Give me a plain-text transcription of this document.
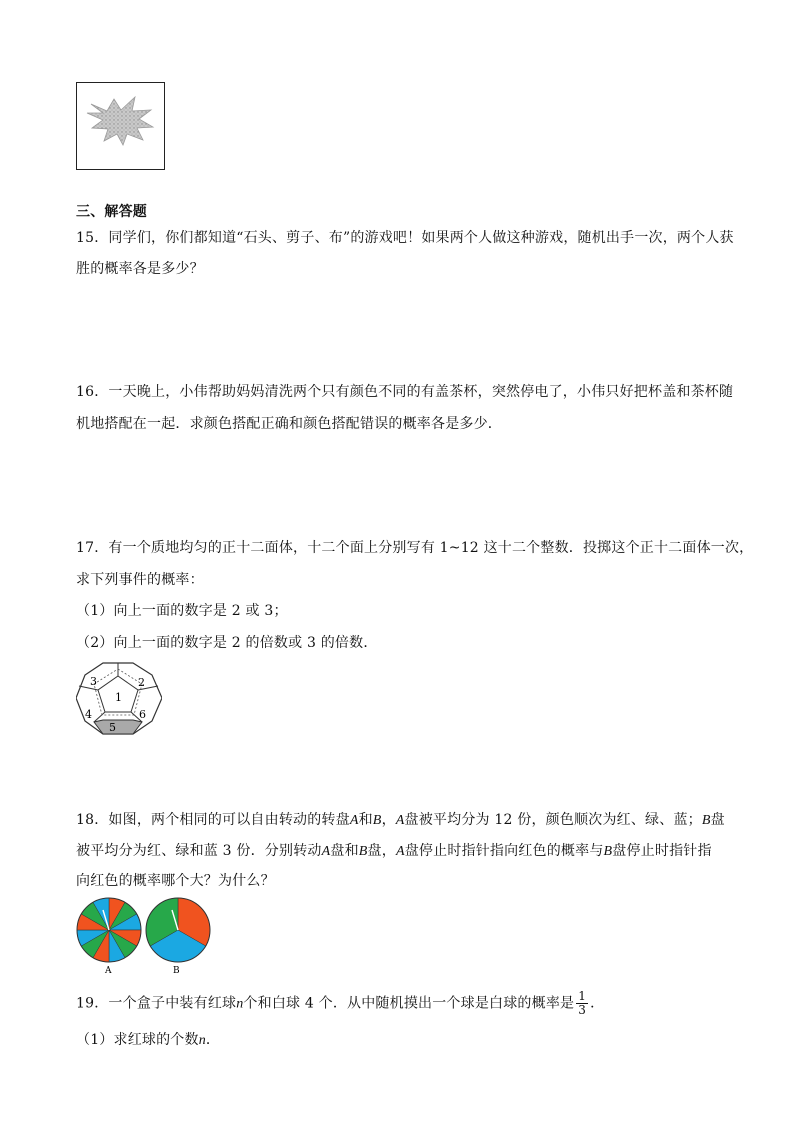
三、解答题
15．同学们，你们都知道“石头、剪子、布”的游戏吧！如果两个人做这种游戏，随机出手一次，两个人获
胜的概率各是多少？
16．一天晚上，小伟帮助妈妈清洗两个只有颜色不同的有盖茶杯，突然停电了，小伟只好把杯盖和茶杯随
机地搭配在一起．求颜色搭配正确和颜色搭配错误的概率各是多少．
17．有一个质地均匀的正十二面体，十二个面上分别写有 1~12 这十二个整数．投掷这个正十二面体一次，
求下列事件的概率：
（1）向上一面的数字是 2 或 3；
（2）向上一面的数字是 2 的倍数或 3 的倍数．
1
2
3
4
5
6
18．如图，两个相同的可以自由转动的转盘A和B，A盘被平均分为 12 份，颜色顺次为红、绿、蓝；B盘
被平均分为红、绿和蓝 3 份．分别转动A盘和B盘，A盘停止时指针指向红色的概率与B盘停止时指针指
向红色的概率哪个大？为什么？
A	B
19．一个盒子中装有红球n个和白球 4 个．从中随机摸出一个球是白球的概率是 $\frac{1}{3}$ ．
（1）求红球的个数n．
